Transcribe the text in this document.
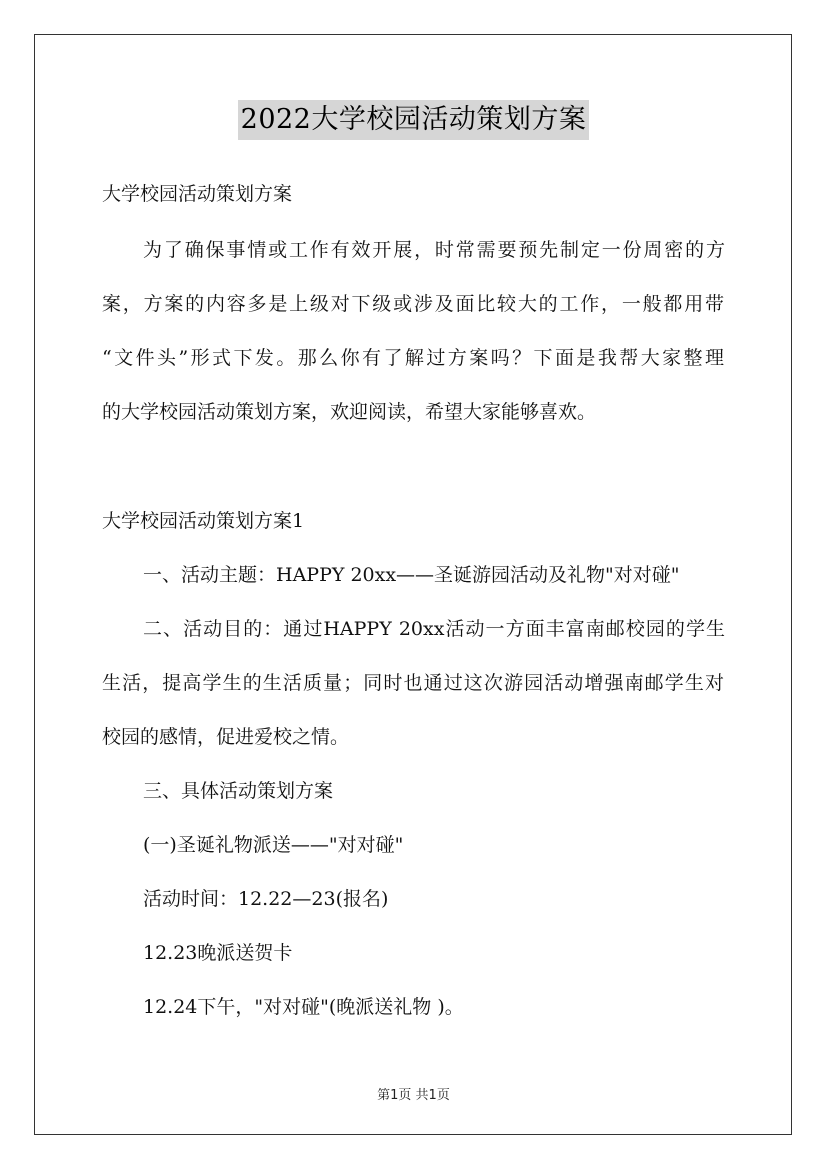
2022大学校园活动策划方案
大学校园活动策划方案
为了确保事情或工作有效开展，时常需要预先制定一份周密的方
案，方案的内容多是上级对下级或涉及面比较大的工作，一般都用带
“文件头”形式下发。那么你有了解过方案吗？下面是我帮大家整理
的大学校园活动策划方案，欢迎阅读，希望大家能够喜欢。
大学校园活动策划方案1
一、活动主题：HAPPY 20xx——圣诞游园活动及礼物"对对碰"
二、活动目的：通过HAPPY 20xx活动一方面丰富南邮校园的学生
生活，提高学生的生活质量；同时也通过这次游园活动增强南邮学生对
校园的感情，促进爱校之情。
三、具体活动策划方案
(一)圣诞礼物派送——"对对碰"
活动时间：12.22—23(报名)
12.23晚派送贺卡
12.24下午，"对对碰"(晚派送礼物 )。
第1页 共1页
